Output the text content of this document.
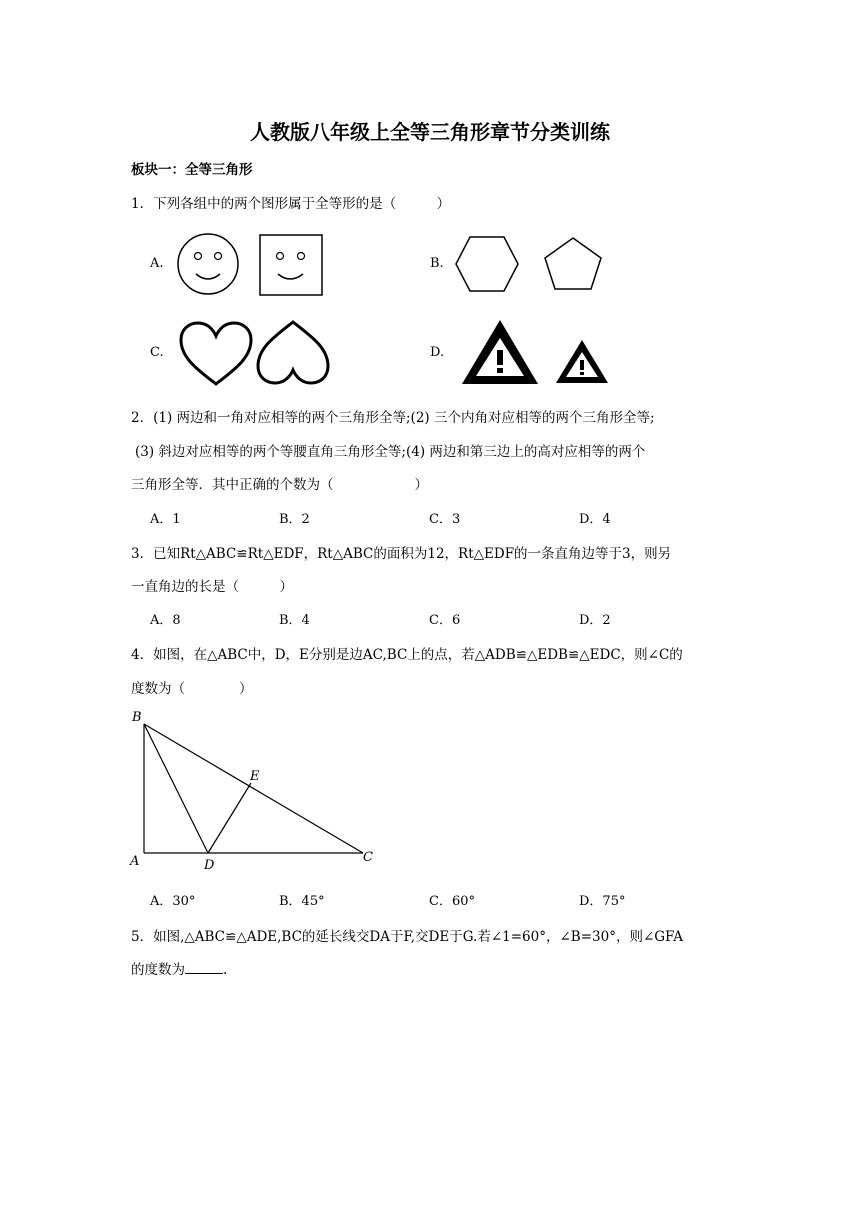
人教版八年级上全等三角形章节分类训练
板块一：全等三角形
1．下列各组中的两个图形属于全等形的是（　　　）
A.	B.
C.	D.
2．(1) 两边和一角对应相等的两个三角形全等;(2) 三个内角对应相等的两个三角形全等;
(3) 斜边对应相等的两个等腰直角三角形全等;(4) 两边和第三边上的高对应相等的两个
三角形全等．其中正确的个数为（　　　　　　）
A．1	B．2	C．3	D．4
3．已知Rt△ABC≌Rt△EDF，Rt△ABC的面积为12，Rt△EDF的一条直角边等于3，则另
一直角边的长是（　　　）
A．8	B．4	C．6	D．2
4．如图，在△ABC中，D，E分别是边AC,BC上的点，若△ADB≌△EDB≌△EDC，则∠C的
度数为（　　　　）
B
E
A	D
C
A．30°	B．45°	C．60°	D．75°
5．如图,△ABC≌△ADE,BC的延长线交DA于F,交DE于G.若∠1=60°，∠B=30°，则∠GFA
的度数为	.
